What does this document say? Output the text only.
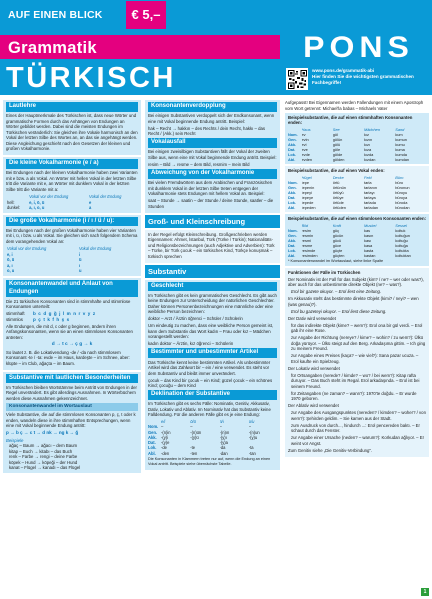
AUF EINEN BLICK	€ 5,–
Grammatik
TÜRKISCH
PONS
www.pons.de/grammatik-abi
Hier finden Sie die wichtigsten grammatischen Fachbegriffe!
Lautlehre
Eines der Hauptmerkmale des Türkischen ist, dass neue Wörter und grammatische Formen durch das Anhängen von Endungen an Wörter gebildet werden. Dabei sind die meisten Endungen im Türkischen veränderlich: Sie gleichen ihre Vokale harmonisch an den Vokal der letzten Silbe des Wortes an, an das sie angehängt werden. Diese Angleichung geschieht nach den Gesetzen der kleinen und großen Vokalharmonie.
Die kleine Vokalharmonie (e / a)
Bei Endungen nach der kleinen Vokalharmonie haben zwei Varianten mit e bzw. a als Vokal. An Wörter mit hellen Vokal in der letzten Silbe tritt die Variante mit e, an Wörter mit dunklem Vokal in der letzten Silbe tritt die Variante mit a:
	Vokal vor der Endung	Vokal der Endung
hell:	e, i, ö, ü	e
dunkel:	a, ı, o, u	a
Die große Vokalharmonie (i / ı / ü / u):
Bei Endungen nach der großen Vokalharmonie haben vier Varianten mit i, ü, ı bzw. u als Vokal. Sie gleichen sich nach folgendem Schema dem vorangehenden Vokal an:
Vokal vor der Endung	Vokal der Endung
e, i	i
ö, ü	ü
a, ı	ı
o, u	u
Konsonantenwandel und Anlaut von Endungen
Die 21 türkischen Konsonanten sind in stimmhafte und stimmlose Konsonanten unterteilt:
stimmhaft	b c d g ğ j l m n r v y z
stimmlos	p ç t k f h ş s
Alle Endungen, die mit d, c oder g beginnen, ändern ihren Anfangskonsonanten, wenn sie an einen stimmlosen Konsonanten antreten:
d → t c → ç g → k
So lautet z. B. die Lokativendung -de / -da nach stimmlosem Konsonant -te / -ta: evde – im Haus, kardeşte – im Schnee, aber: klüpte – im Club, ağaçta – im Baum.
Substantive mit lautlichen Besonderheiten
Im Türkischen bleiben Wortstämme beim Antritt von Endungen in der Regel unverändert. Es gibt allerdings Ausnahmen. In Wörterbüchern werden diese Ausnahmen gekennzeichnet.
Konsonantenwandel im Wortauslaut
Viele Substantive, die auf die stimmlosen Konsonanten p, ç, t oder k enden, wandeln diese in ihre stimmhaften Entsprechungen, wenn eine mit Vokal beginnende Endung antritt:
p → b ç → c t → d nk → ng k → ğ
Beispiele
ağaç – Baum → ağacı – dem Baum
kitap – Buch → kitabı – das Buch
renk – Farbe → rengi – deine Farbe
köpek – Hund → köpeği – der Hund
kanat – Flügel → kanadı – das Flügel
Konsonantenverdopplung
Bei einigen Substantiven verdoppelt sich der Endkonsonant, wenn eine mit Vokal beginnende Endung antritt. Beispiel:
hak – Recht → hakkın – des Rechts / dein Recht, hakkı – das Recht / (Akk.) sein Recht
Vokalausfall
Bei einigen zweisilbigen Substantiven fällt der Vokal der zweiten Silbe aus, wenn eine mit Vokal beginnende Endung antritt. Beispiel:
resim – Bild → resme – dem Bild, resmim – mein Bild
Abweichung von der Vokalharmonie
Bei vielen Fremdwörtern aus dem Arabischen und Französischen mit dunklem Vokal in der letzten Silbe treten entgegen der Vokalharmonie stets Endungen mit hellem Vokal an. Beispiel:
saat – Stunde → saatin – der Stunde / deine Stunde, saatler – die Stunden
Groß- und Kleinschreibung
In der Regel erfolgt Kleinschreibung. Großgeschrieben werden Eigennamen: Ahmet, İstanbul, Türk (Türke / Türkin); Nationalitäts- und Religionsbezeichnungen (auch Adjektive und Adverbien): Türk – Türke, bir Türk çocuk – ein türkisches Kind, Türkçe konuşmak – türkisch sprechen
Substantiv
Geschlecht
Im Türkischen gibt es kein grammatisches Geschlecht. Es gibt auch keine Endungen zur Unterscheidung der natürlichen Geschlechter. Daher können Personenbezeichnungen eine männliche oder eine weibliche Person bezeichnen:
doktor – Arzt / Ärztin öğrenci – Schüler / Schülerin
Um eindeutig zu machen, dass eine weibliche Person gemeint ist, kann dem Substantiv das Wort kadın – Frau oder kız – Mädchen vorangestellt werden:
kadın doktor – Ärztin, kız öğrenci – Schülerin
Bestimmter und unbestimmter Artikel
Das Türkische kennt keine bestimmten Artikel. Als unbestimmter Artikel wird das Zahlwort bir – ein / eine verwendet. Es steht vor dem Substantiv und bleibt immer unverändert.
çocuk – das Kind bir çocuk – ein Kind; güzel çocuk – ein schönes Kind; çocuğu – dem Kind
Deklination der Substantive
Im Türkischen gibt es sechs Fälle: Nominativ, Genitiv, Akkusativ, Dativ, Lokativ und Ablativ. Im Nominativ hat das Substantiv keine Falldendung. Für die anderen Fälle gibt es je eine Endung:
e/i	ö/ü	a/ı	o/u
Nom. –	–	–	–
Gen. -(n)in	-(n)ün	-(n)ın	-(n)un
Akk.	-(y)i	-(y)ü	-(y)ı	-(y)u
Dat.	-(y)e	-(y)a
Lok.	-de	-te	-da	-ta
Abl.	-den	-ten	-dan	-tan
Die Konsonanten in Klammern treten nur auf, wenn die Endung an einen Vokal antritt. Beispiele siehe übernächste Tabelle.
Aufgepasst! Bei Eigennamen werden Fallendungen mit einem Apostroph vom Wort getrennt: Michael'la babas – Michaels Vater
Beispielsubstantive, die auf einen stimmhaften Konsonanten enden:
Haus	See	Mädchen	Sand
Nom. ev	göl	kız	kum
Gen.	evin	gölün	kızın	kumun
Akk.	evi	gölü	kızı	kumu
Dat.	eve	göle	kıza	kuma
Lok.	evde	gölde	kızda	kumda
Abl.	evden	gölden	kızdan	kumdan
Beispielsubstantive, die auf einen Vokal enden:
Hügel	Decke	Feld	Büro
Nom. tepe	örtü	tarla	büro
Gen.	tepenin	örtünün	tarlanın	büronun
Akk.	tepeyi	örtüyü	tarlayı	büroyu
Dat.	tepeye	örtüye	tarlaya	büroya
Lok.	tepede	örtüde	tarlada	büroda
Abl.	tepeden	örtüden	tarladan	bürodan
Beispielsubstantive, die auf einen stimmlosen Konsonanten enden:
Bild	Kraft	Muskel	Sessel
Nom. resim	güç	kas	koltuk
Gen.	resmin	gücün	kasın	koltuğun
Akk.	resmi	gücü	kası	koltuğu
Dat.	resme	güce	kasa	koltuğa
Lok.	resimde	güçte	kasta	koltukta
Abl.	resimden	güçten	kastan	koltuktan
* Konsonantenwandel im Wortauslaut, siehe linke Spalte
Funktionen der Fälle im Türkischen
Der Nominativ ist der Fall für das Subjekt (kim? / ne? – wer oder was?), aber auch für das unbestimmte direkte Objekt (ne? – was?).
Erol bir gazete okuyor. – Erol liest eine Zeitung.
Im Akkusativ steht das bestimmte direkte Objekt (kimi? / neyi? – wen (was genau)?).
Erol bu gazeteyi okuyor. – Erol liest diese Zeitung.
Der Dativ wird verwendet
für das indirekte Objekt (kime? – wem?): Erol ona bir gül verdi. – Erol gab ihr eine Rose.
zur Angabe der Richtung (nereye? / kime? – wohin? / zu wem?): Ülkü doğa yürüyor. – Ülkü steigt auf den Berg. Arkadaşıma gittim. – Ich ging zu meinem Freund.
zur Angabe eines Preises (kaça? – wie viel?): Sana pazar ucuza. – Erol kaufte ein Spielzeug.
Der Lokativ wird verwendet
für Ortsangaben (nerede? / kimde? – wo? / bei wem?): Kitap rafta duruyor. – Das Buch steht im Regal. Erol arkadaşında. – Erol ist bei seinem Freund.
für Zeitangaben (ne zaman? – wann?): 1970'te doğdu. – Er wurde 1970 geboren.
Der Ablativ wird verwendet
zur Angabe des Ausgangspunktes (nereden? / kimden? – woher? / von wem?): Şehirden geldim. – Sie kamen aus der Stadt.
zum Ausdruck von durch..., hindurch ...: Erol pencereden baktı. – Er schaut durch das Fenster.
zur Angabe einer Ursache (neden? – warum?): Korkudan ağlıyor. – Er weint vor Angst.
Zum Genitiv siehe „Die Genitiv-Verbindung“.
1
